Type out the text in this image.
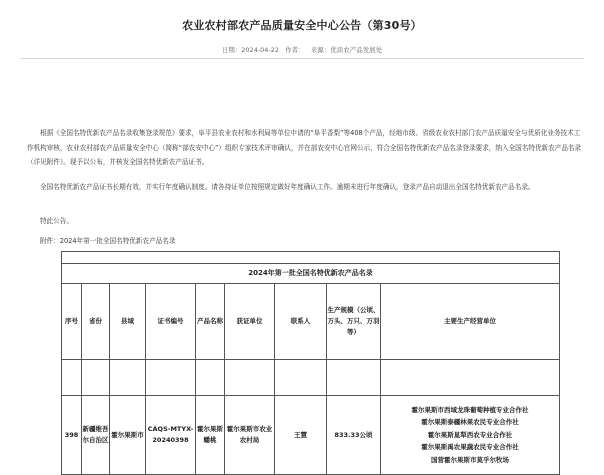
农业农村部农产品质量安全中心公告（第30号）
日期：2024-04-22 作者： 来源：优质农产品发展处

根据《全国名特优新农产品名录收集登录规范》要求，阜平县农业农村和水利局等单位申请的“阜平香梨”等408个产品，经地市级、省级农业农村部门农产品质量安全与优质化业务技术工作机构审核，农业农村部农产品质量安全中心（简称“部农安中心”）组织专家技术评审确认，并在部农安中心官网公示，符合全国名特优新农产品名录登录要求，纳入全国名特优新农产品名录（详见附件）。现予以公布，并核发全国名特优新农产品证书。

全国名特优新农产品证书长期有效，并实行年度确认制度。请各持证单位按照规定做好年度确认工作。逾期未进行年度确认，登录产品自动退出全国名特优新农产品名录。

特此公告。

附件：2024年第一批全国名特优新农产品名录

2024年第一批全国名特优新农产品名录								
序号	省份	县域	证书编号	产品名称	获证单位	联系人	生产规模（公顷、万头、万只、万羽等）	主要生产经营单位

398	新疆维吾尔自治区	霍尔果斯市	CAQS-MTYX-20240398	霍尔果斯蟠桃	霍尔果斯市农业农村局	王慧	833.33公顷	霍尔果斯市西域龙珠葡萄种植专业合作社
霍尔果斯泰疆林果农民专业合作社
霍尔果斯星犁西农专业合作社
霍尔果斯禹农果蔬农民专业合作社
国营霍尔果斯市莫乎尔牧场
